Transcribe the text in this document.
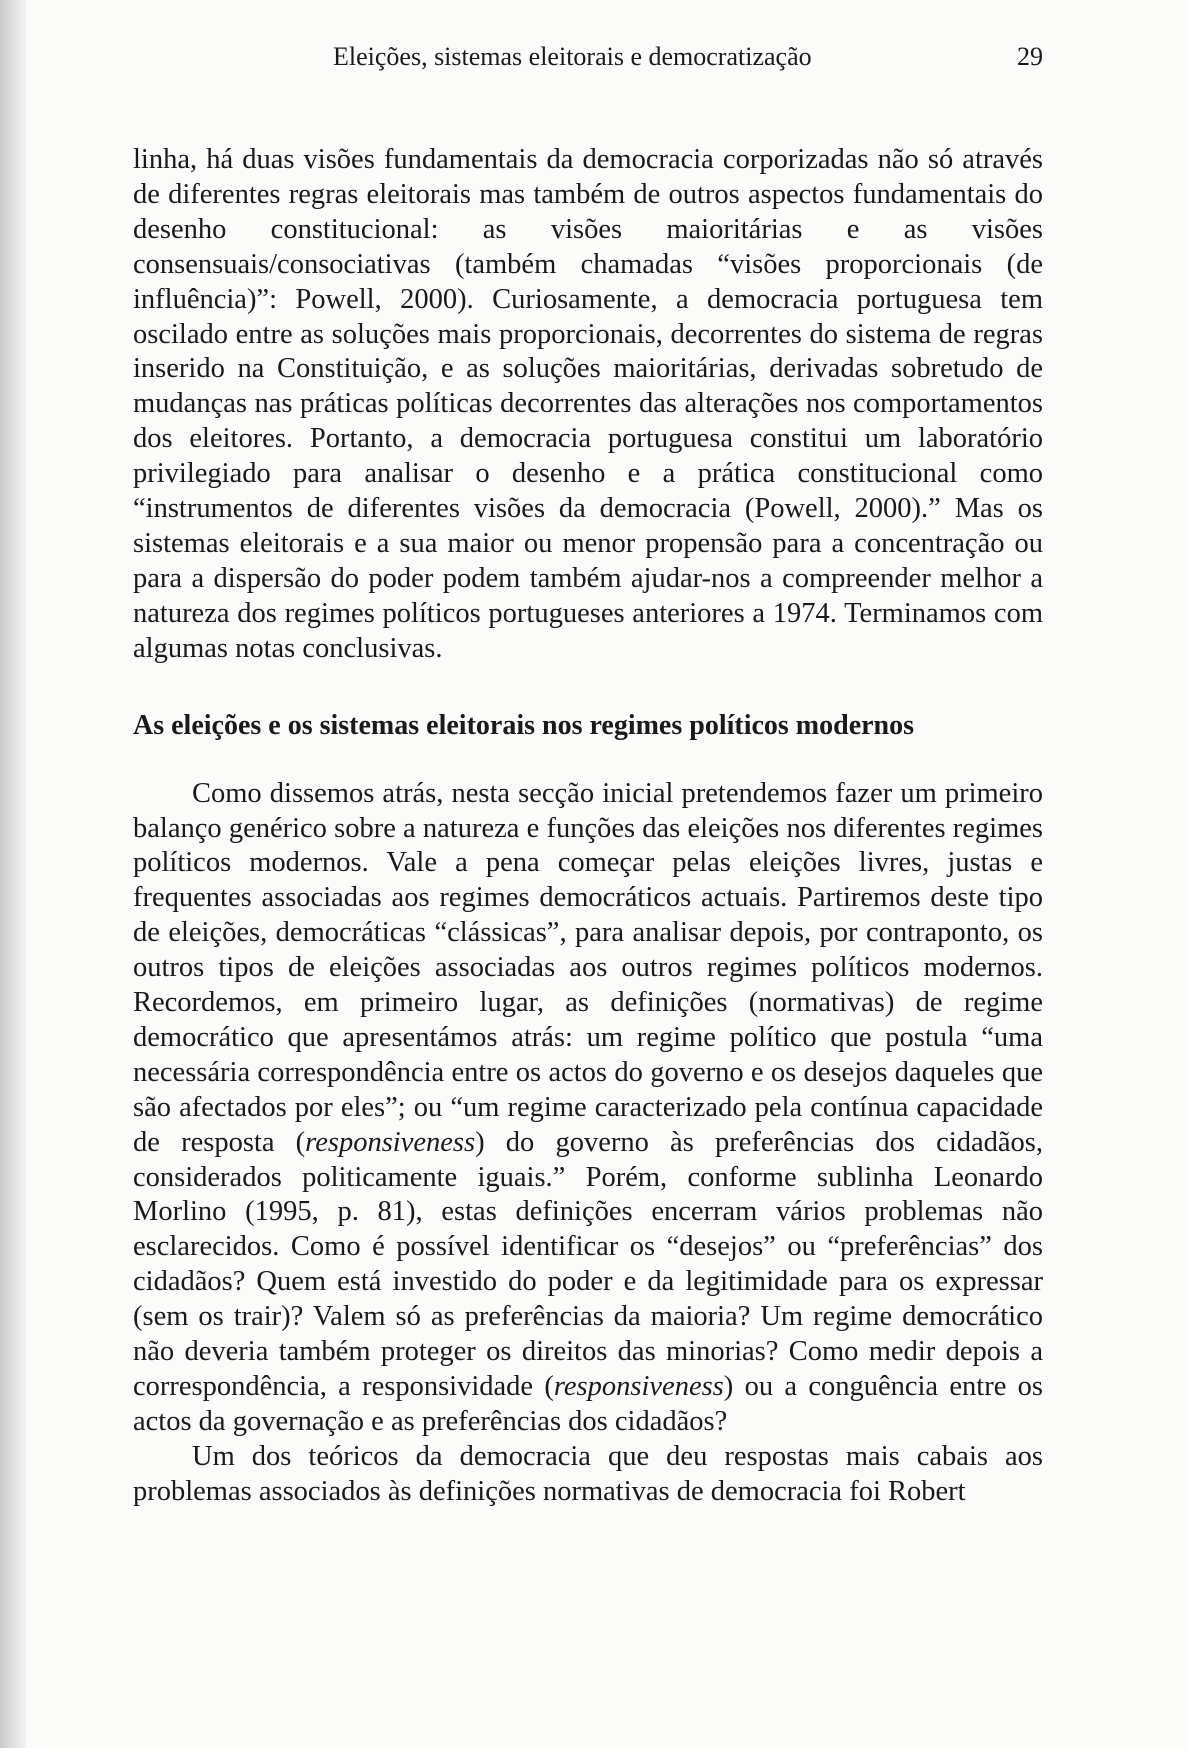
Eleições, sistemas eleitorais e democratização	29

linha, há duas visões fundamentais da democracia corporizadas não só através de diferentes regras eleitorais mas também de outros aspectos fundamentais do desenho constitucional: as visões maioritárias e as visões consensuais/consociativas (também chamadas “visões proporcionais (de influência)”: Powell, 2000). Curiosamente, a democracia portuguesa tem oscilado entre as soluções mais proporcionais, decorrentes do sistema de regras inserido na Constituição, e as soluções maioritárias, derivadas sobretudo de mudanças nas práticas políticas decorrentes das alterações nos comportamentos dos eleitores. Portanto, a democracia portuguesa constitui um laboratório privilegiado para analisar o desenho e a prática constitucional como “instrumentos de diferentes visões da democracia (Powell, 2000).” Mas os sistemas eleitorais e a sua maior ou menor propensão para a concentração ou para a dispersão do poder podem também ajudar-nos a compreender melhor a natureza dos regimes políticos portugueses anteriores a 1974. Terminamos com algumas notas conclusivas.

As eleições e os sistemas eleitorais nos regimes políticos modernos

Como dissemos atrás, nesta secção inicial pretendemos fazer um primeiro balanço genérico sobre a natureza e funções das eleições nos diferentes regimes políticos modernos. Vale a pena começar pelas eleições livres, justas e frequentes associadas aos regimes democráticos actuais. Partiremos deste tipo de eleições, democráticas “clássicas”, para analisar depois, por contraponto, os outros tipos de eleições associadas aos outros regimes políticos modernos. Recordemos, em primeiro lugar, as definições (normativas) de regime democrático que apresentámos atrás: um regime político que postula “uma necessária correspondência entre os actos do governo e os desejos daqueles que são afectados por eles”; ou “um regime caracterizado pela contínua capacidade de resposta (responsiveness) do governo às preferências dos cidadãos, considerados politicamente iguais.” Porém, conforme sublinha Leonardo Morlino (1995, p. 81), estas definições encerram vários problemas não esclarecidos. Como é possível identificar os “desejos” ou “preferências” dos cidadãos? Quem está investido do poder e da legitimidade para os expressar (sem os trair)? Valem só as preferências da maioria? Um regime democrático não deveria também proteger os direitos das minorias? Como medir depois a correspondência, a responsividade (responsiveness) ou a conguência entre os actos da governação e as preferências dos cidadãos?

Um dos teóricos da democracia que deu respostas mais cabais aos problemas associados às definições normativas de democracia foi Robert
